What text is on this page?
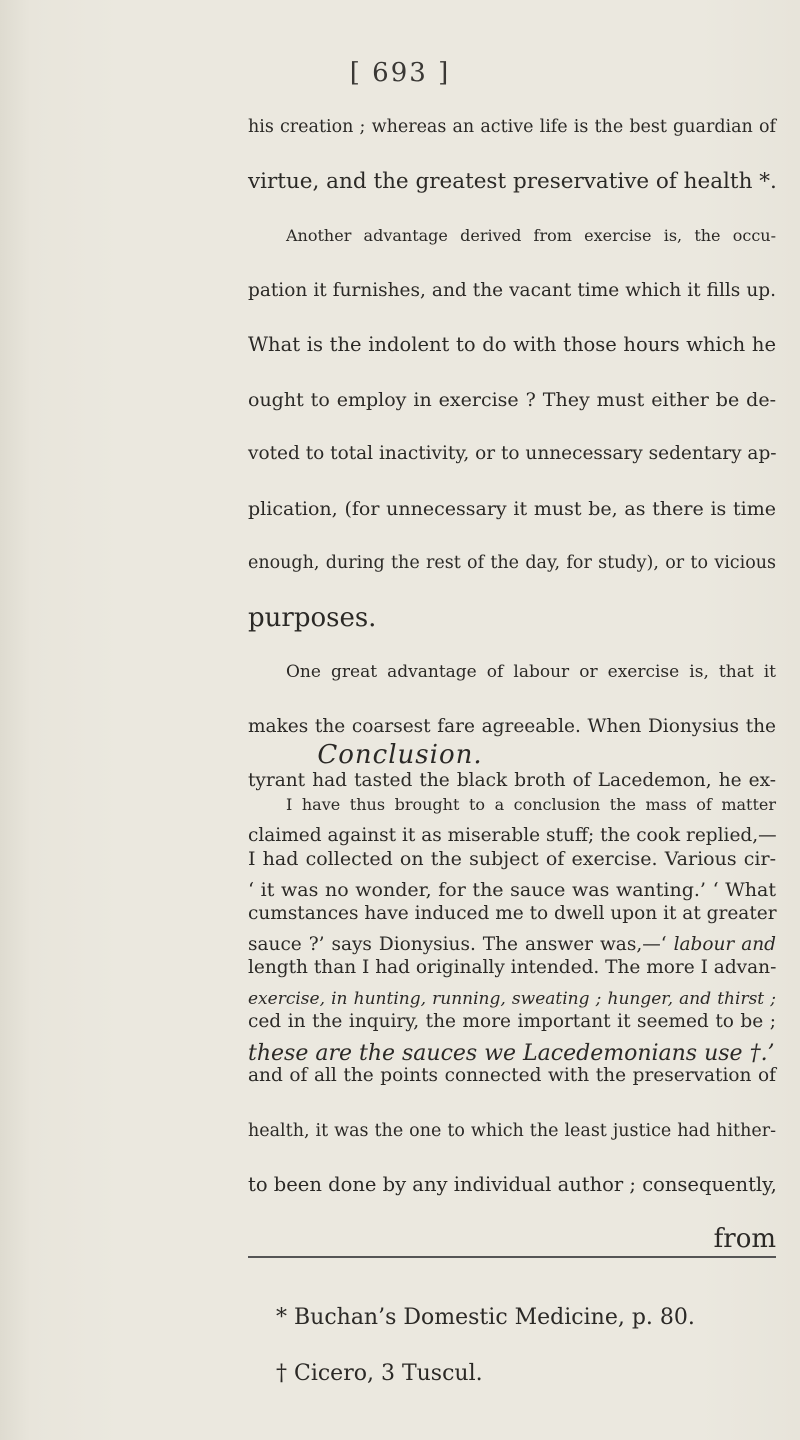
[ 693 ]
his creation ; whereas an active life is the best guardian of
virtue, and the greatest preservative of health *.
Another advantage derived from exercise is, the occu-
pation it furnishes, and the vacant time which it fills up.
What is the indolent to do with those hours which he
ought to employ in exercise ? They must either be de-
voted to total inactivity, or to unnecessary sedentary ap-
plication, (for unnecessary it must be, as there is time
enough, during the rest of the day, for study), or to vicious
purposes.
One great advantage of labour or exercise is, that it
makes the coarsest fare agreeable. When Dionysius the
tyrant had tasted the black broth of Lacedemon, he ex-
claimed against it as miserable stuff; the cook replied,—
‘ it was no wonder, for the sauce was wanting.’ ‘ What
sauce ?’ says Dionysius. The answer was,—‘ labour and
exercise, in hunting, running, sweating ; hunger, and thirst ;
these are the sauces we Lacedemonians use †.’
Conclusion.
I have thus brought to a conclusion the mass of matter
I had collected on the subject of exercise. Various cir-
cumstances have induced me to dwell upon it at greater
length than I had originally intended. The more I advan-
ced in the inquiry, the more important it seemed to be ;
and of all the points connected with the preservation of
health, it was the one to which the least justice had hither-
to been done by any individual author ; consequently,
from
* Buchan’s Domestic Medicine, p. 80.
† Cicero, 3 Tuscul.
